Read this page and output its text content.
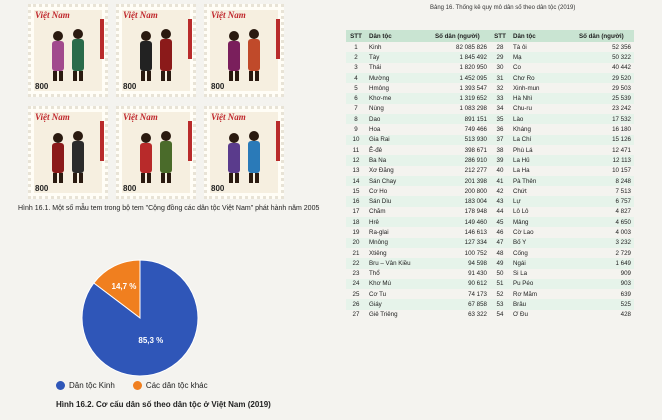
Việt Nam
800
Việt Nam
800
Việt Nam
800
Việt Nam
800
Việt Nam
800
Việt Nam
800
Hình 16.1. Một số mẫu tem trong bộ tem "Cộng đồng các dân tộc Việt Nam" phát hành năm 2005
14,7 %
85,3 %
Dân tộc Kinh	Các dân tộc khác
Hình 16.2. Cơ cấu dân số theo dân tộc ở Việt Nam (2019)
Bảng 16. Thống kê quy mô dân số theo dân tộc (2019)
STT	Dân tộc	Số dân (người)	STT	Dân tộc	Số dân (người)
1	Kinh	82 085 826	28	Tà ôi	52 356
2	Tày	1 845 492	29	Mạ	50 322
3	Thái	1 820 950	30	Co	40 442
4	Mường	1 452 095	31	Chơ Ro	29 520
5	Hmông	1 393 547	32	Xinh-mun	29 503
6	Khơ-me	1 319 652	33	Hà Nhì	25 539
7	Nùng	1 083 298	34	Chu-ru	23 242
8	Dao	891 151	35	Lào	17 532
9	Hoa	749 466	36	Kháng	16 180
10	Gia Rai	513 930	37	La Chí	15 126
11	Ê-đê	398 671	38	Phù Lá	12 471
12	Ba Na	286 910	39	La Hủ	12 113
13	Xơ Đăng	212 277	40	La Ha	10 157
14	Sán Chay	201 398	41	Pà Thẻn	8 248
15	Cơ Ho	200 800	42	Chứt	7 513
16	Sán Dìu	183 004	43	Lự	6 757
17	Chăm	178 948	44	Lô Lô	4 827
18	Hrê	149 460	45	Mảng	4 650
19	Ra-glai	146 613	46	Cờ Lao	4 003
20	Mnông	127 334	47	Bố Y	3 232
21	Xtiêng	100 752	48	Cống	2 729
22	Bru – Vân Kiều	94 598	49	Ngái	1 649
23	Thổ	91 430	50	Si La	909
24	Khơ Mú	90 612	51	Pu Péo	903
25	Cơ Tu	74 173	52	Rơ Măm	639
26	Giáy	67 858	53	Brâu	525
27	Giẻ Triêng	63 322	54	Ơ Đu	428
